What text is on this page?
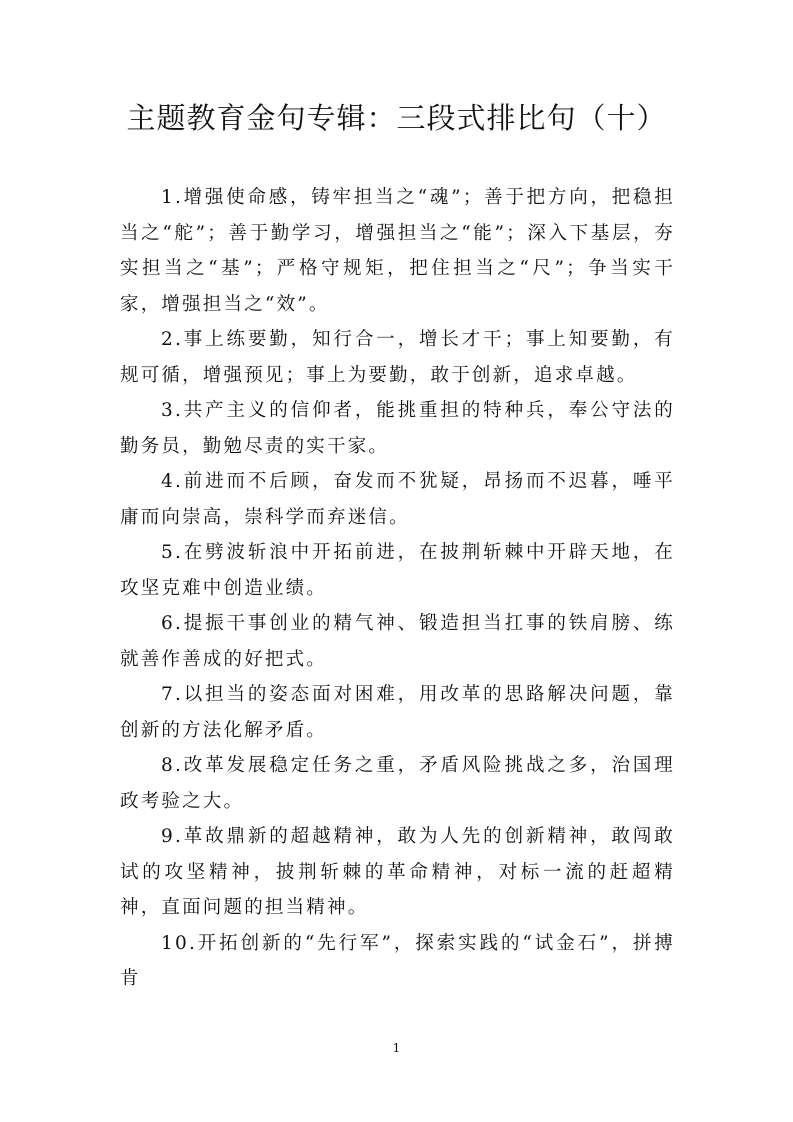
主题教育金句专辑：三段式排比句（十）

1.增强使命感，铸牢担当之“魂”；善于把方向，把稳担当之“舵”；善于勤学习，增强担当之“能”；深入下基层，夯实担当之“基”；严格守规矩，把住担当之“尺”；争当实干家，增强担当之“效”。

2.事上练要勤，知行合一，增长才干；事上知要勤，有规可循，增强预见；事上为要勤，敢于创新，追求卓越。

3.共产主义的信仰者，能挑重担的特种兵，奉公守法的勤务员，勤勉尽责的实干家。

4.前进而不后顾，奋发而不犹疑，昂扬而不迟暮，唾平庸而向崇高，崇科学而弃迷信。

5.在劈波斩浪中开拓前进，在披荆斩棘中开辟天地，在攻坚克难中创造业绩。

6.提振干事创业的精气神、锻造担当扛事的铁肩膀、练就善作善成的好把式。

7.以担当的姿态面对困难，用改革的思路解决问题，靠创新的方法化解矛盾。

8.改革发展稳定任务之重，矛盾风险挑战之多，治国理政考验之大。

9.革故鼎新的超越精神，敢为人先的创新精神，敢闯敢试的攻坚精神，披荆斩棘的革命精神，对标一流的赶超精神，直面问题的担当精神。

10.开拓创新的“先行军”，探索实践的“试金石”，拼搏肯

1
